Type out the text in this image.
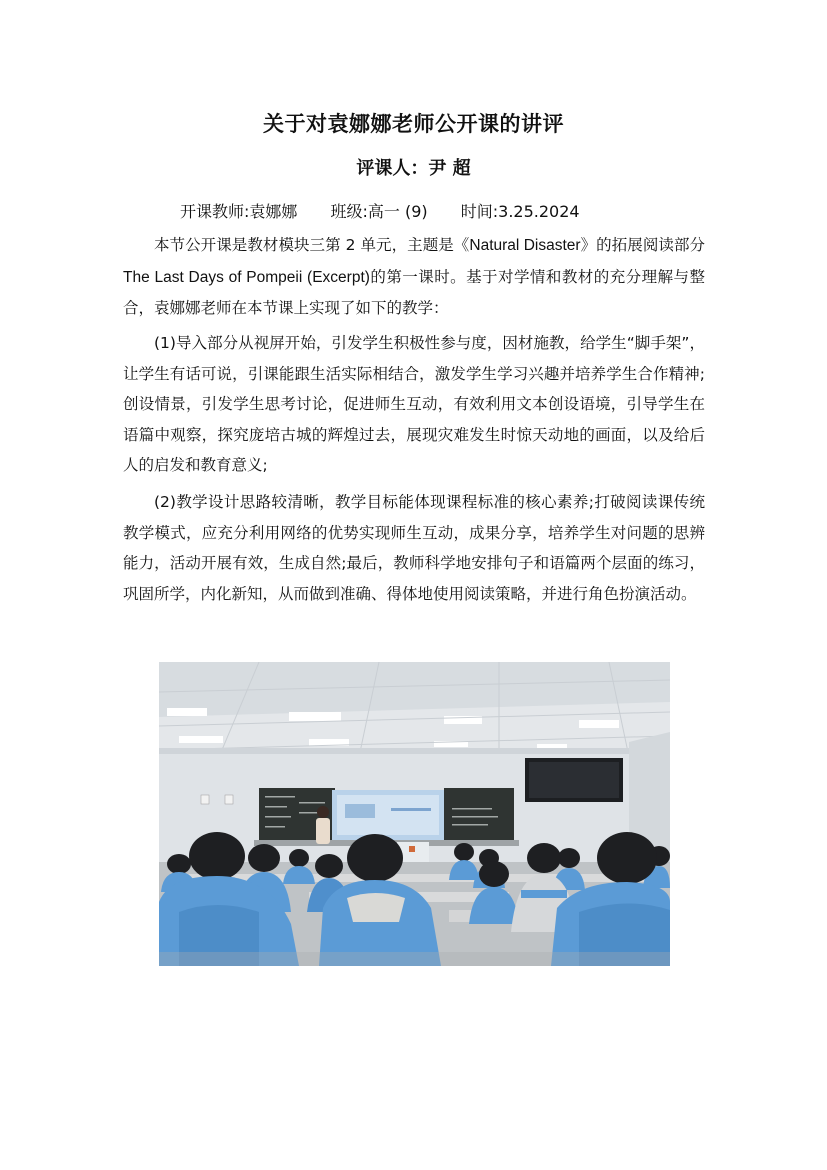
关于对袁娜娜老师公开课的讲评
评课人：尹 超
开课教师:袁娜娜 班级:高一 (9) 时间:3.25.2024

本节公开课是教材模块三第 2 单元，主题是《Natural Disaster》的拓展阅读部分 The Last Days of Pompeii (Excerpt)的第一课时。基于对学情和教材的充分理解与整合，袁娜娜老师在本节课上实现了如下的教学：

(1)导入部分从视屏开始，引发学生积极性参与度，因材施教，给学生“脚手架”，让学生有话可说，引课能跟生活实际相结合，激发学生学习兴趣并培养学生合作精神;创设情景，引发学生思考讨论，促进师生互动，有效利用文本创设语境，引导学生在语篇中观察，探究庞培古城的辉煌过去，展现灾难发生时惊天动地的画面，以及给后人的启发和教育意义;

(2)教学设计思路较清晰，教学目标能体现课程标准的核心素养;打破阅读课传统教学模式，应充分利用网络的优势实现师生互动，成果分享，培养学生对问题的思辨能力，活动开展有效，生成自然;最后，教师科学地安排句子和语篇两个层面的练习，巩固所学，内化新知，从而做到准确、得体地使用阅读策略，并进行角色扮演活动。
